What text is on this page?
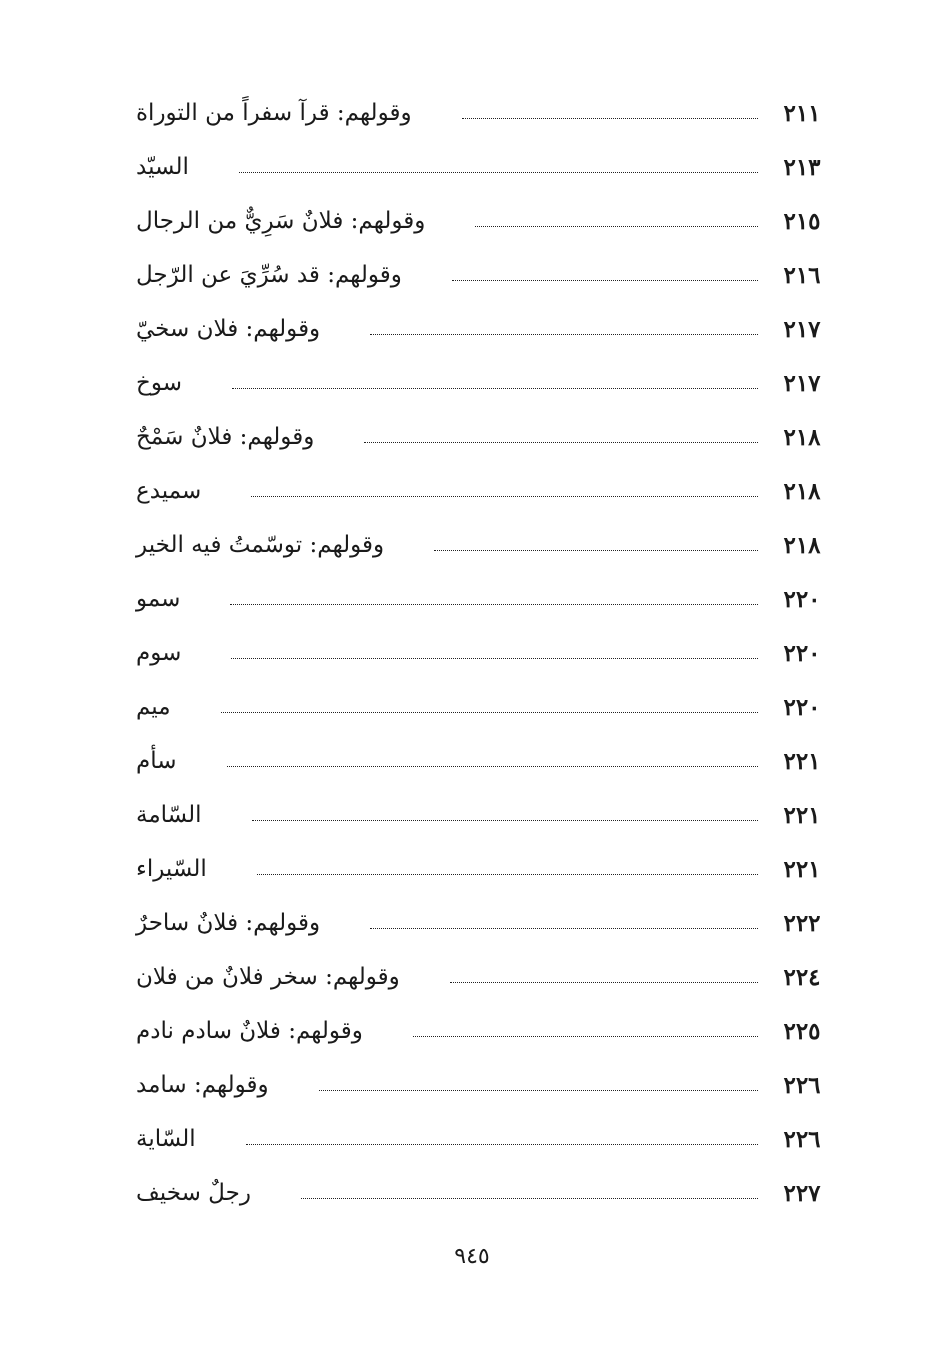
وقولهم: قرآ سفراً من التوراة	٢١١
السيّد	٢١٣
وقولهم: فلانٌ سَرِيٌّ من الرجال	٢١٥
وقولهم: قد سُرِّيَ عن الرّجل	٢١٦
وقولهم: فلان سخيّ	٢١٧
سوخ	٢١٧
وقولهم: فلانٌ سَمْحٌ	٢١٨
سميدع	٢١٨
وقولهم: توسّمتُ فيه الخير	٢١٨
سمو	٢٢٠
سوم	٢٢٠
ميم	٢٢٠
سأم	٢٢١
السّامة	٢٢١
السّيراء	٢٢١
وقولهم: فلانٌ ساحرٌ	٢٢٢
وقولهم: سخر فلانٌ من فلان	٢٢٤
وقولهم: فلانٌ سادم نادم	٢٢٥
وقولهم: سامد	٢٢٦
السّاية	٢٢٦
رجلٌ سخيف	٢٢٧
٩٤٥
